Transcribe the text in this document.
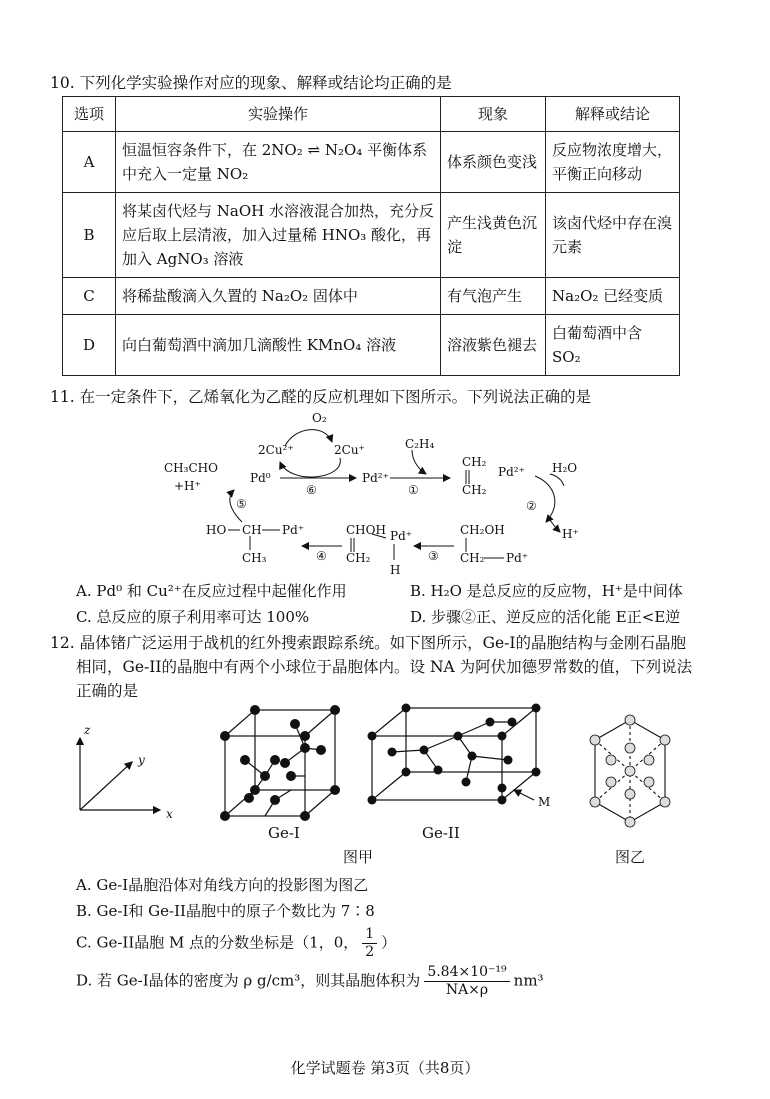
10. 下列化学实验操作对应的现象、解释或结论均正确的是
选项	实验操作	现象	解释或结论
A	恒温恒容条件下，在 2NO₂ ⇌ N₂O₄ 平衡体系中充入一定量 NO₂	体系颜色变浅	反应物浓度增大，平衡正向移动
B	将某卤代烃与 NaOH 水溶液混合加热，充分反应后取上层清液，加入过量稀 HNO₃ 酸化，再加入 AgNO₃ 溶液	产生浅黄色沉淀	该卤代烃中存在溴元素
C	将稀盐酸滴入久置的 Na₂O₂ 固体中	有气泡产生	Na₂O₂ 已经变质
D	向白葡萄酒中滴加几滴酸性 KMnO₄ 溶液	溶液紫色褪去	白葡萄酒中含 SO₂
11. 在一定条件下，乙烯氧化为乙醛的反应机理如下图所示。下列说法正确的是
O₂
2Cu²⁺	2Cu⁺	C₂H₄
CH₃CHO
+H⁺
Pd⁰	Pd²⁺
⑥	①
⑤
CH₂
Pd²⁺
CH₂
H₂O
②
H⁺
HO CH Pd⁺
CH₃	④
CHOH
CH₂
Pd⁺
H
③
CH₂OH
CH₂ Pd⁺
A. Pd⁰ 和 Cu²⁺在反应过程中起催化作用	B. H₂O 是总反应的反应物，H⁺是中间体
C. 总反应的原子利用率可达 100%	D. 步骤②正、逆反应的活化能 E正<E逆
12. 晶体锗广泛运用于战机的红外搜索跟踪系统。如下图所示，Ge-I的晶胞结构与金刚石晶胞
相同，Ge-II的晶胞中有两个小球位于晶胞体内。设 NA 为阿伏加德罗常数的值，下列说法
正确的是
z
y
x
Ge-I
M
Ge-II
图甲	图乙
A. Ge-I晶胞沿体对角线方向的投影图为图乙
B. Ge-I和 Ge-II晶胞中的原子个数比为 7∶8
C. Ge-II晶胞 M 点的分数坐标是（1，0， $\frac{1}{2}$ ）
D. 若 Ge-I晶体的密度为 ρ g/cm³，则其晶胞体积为 $\frac{\text{5.84×10⁻¹⁹}}{NA\times\rho} nm^3$
化学试题卷 第3页（共8页）
